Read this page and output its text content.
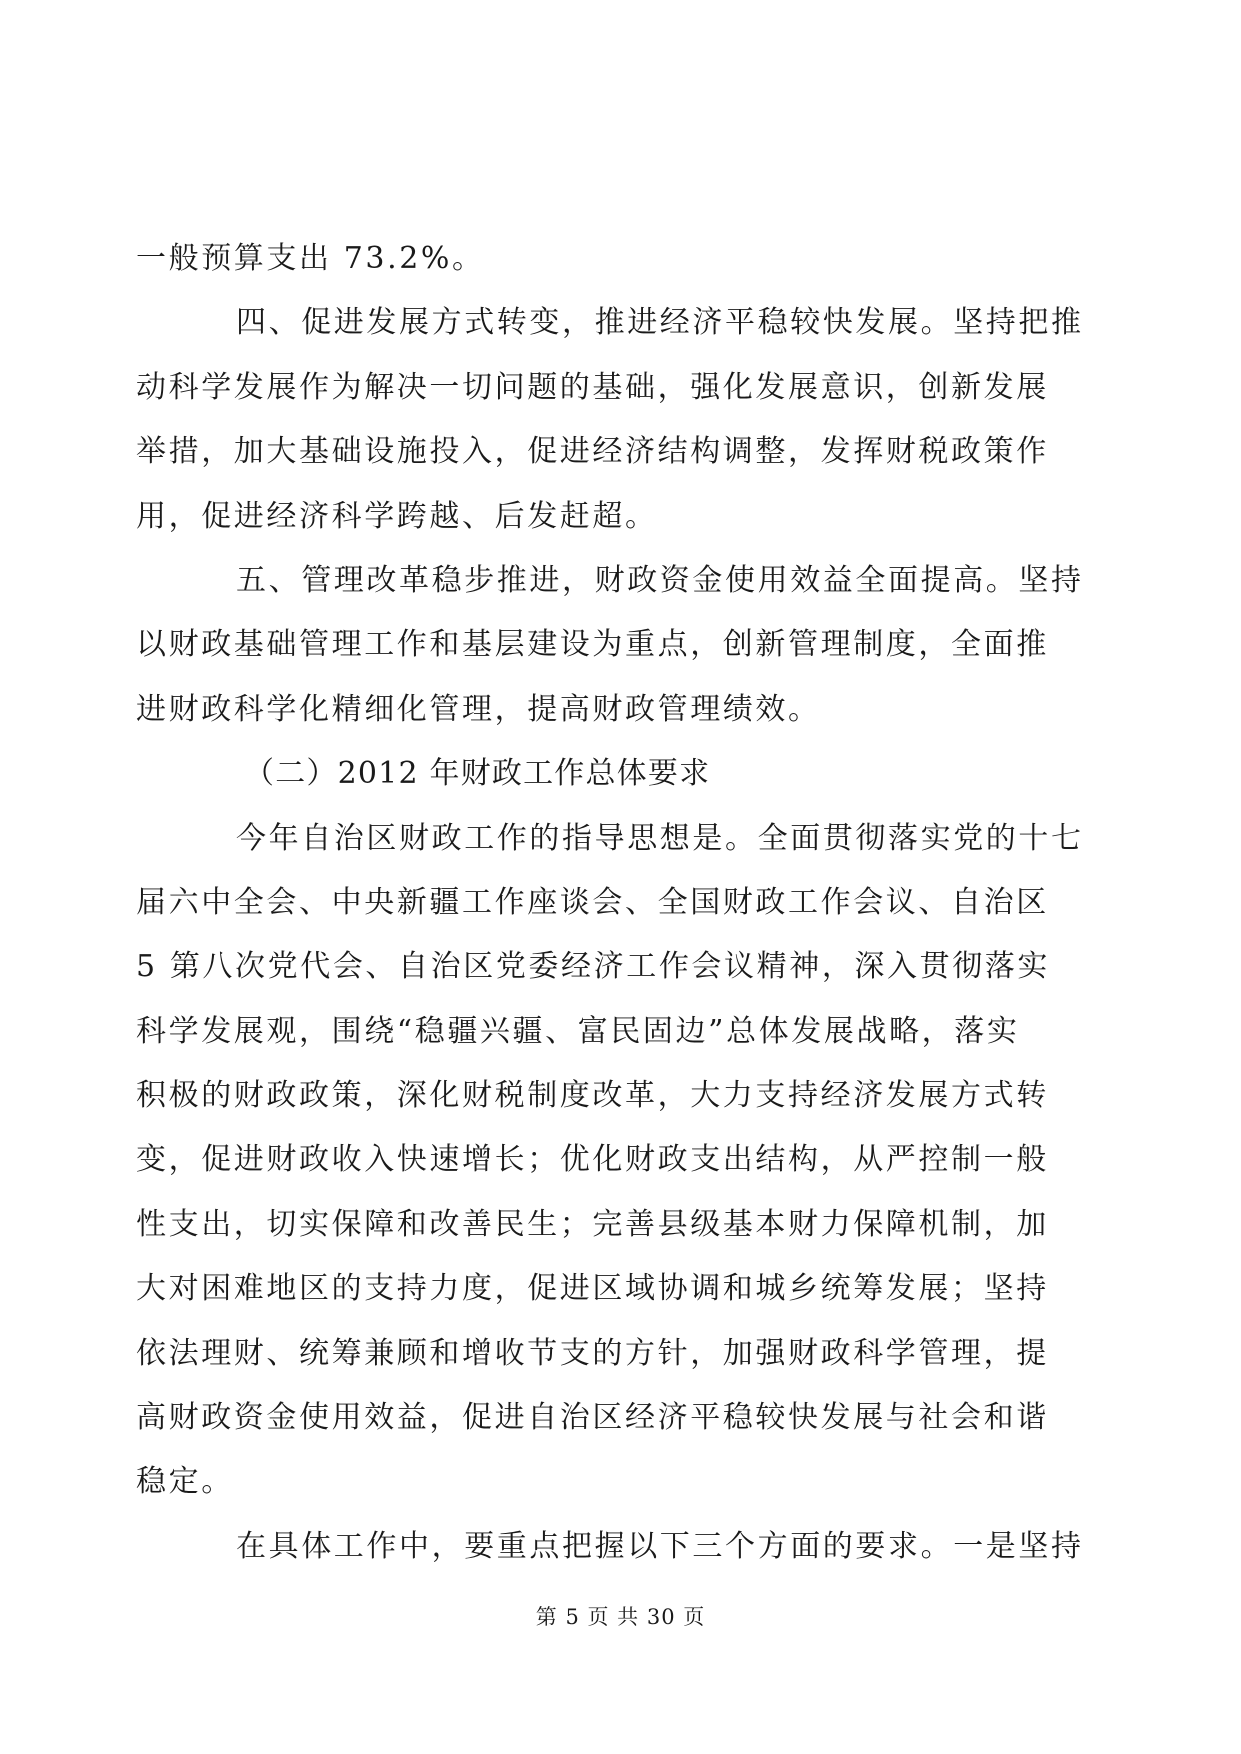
一般预算支出 73.2%。
四、促进发展方式转变，推进经济平稳较快发展。坚持把推
动科学发展作为解决一切问题的基础，强化发展意识，创新发展
举措，加大基础设施投入，促进经济结构调整，发挥财税政策作
用，促进经济科学跨越、后发赶超。
五、管理改革稳步推进，财政资金使用效益全面提高。坚持
以财政基础管理工作和基层建设为重点，创新管理制度，全面推
进财政科学化精细化管理，提高财政管理绩效。
（二）2012 年财政工作总体要求
今年自治区财政工作的指导思想是。全面贯彻落实党的十七
届六中全会、中央新疆工作座谈会、全国财政工作会议、自治区
5 第八次党代会、自治区党委经济工作会议精神，深入贯彻落实
科学发展观，围绕“稳疆兴疆、富民固边”总体发展战略，落实
积极的财政政策，深化财税制度改革，大力支持经济发展方式转
变，促进财政收入快速增长；优化财政支出结构，从严控制一般
性支出，切实保障和改善民生；完善县级基本财力保障机制，加
大对困难地区的支持力度，促进区域协调和城乡统筹发展；坚持
依法理财、统筹兼顾和增收节支的方针，加强财政科学管理，提
高财政资金使用效益，促进自治区经济平稳较快发展与社会和谐
稳定。
在具体工作中，要重点把握以下三个方面的要求。一是坚持
第 5 页 共 30 页
